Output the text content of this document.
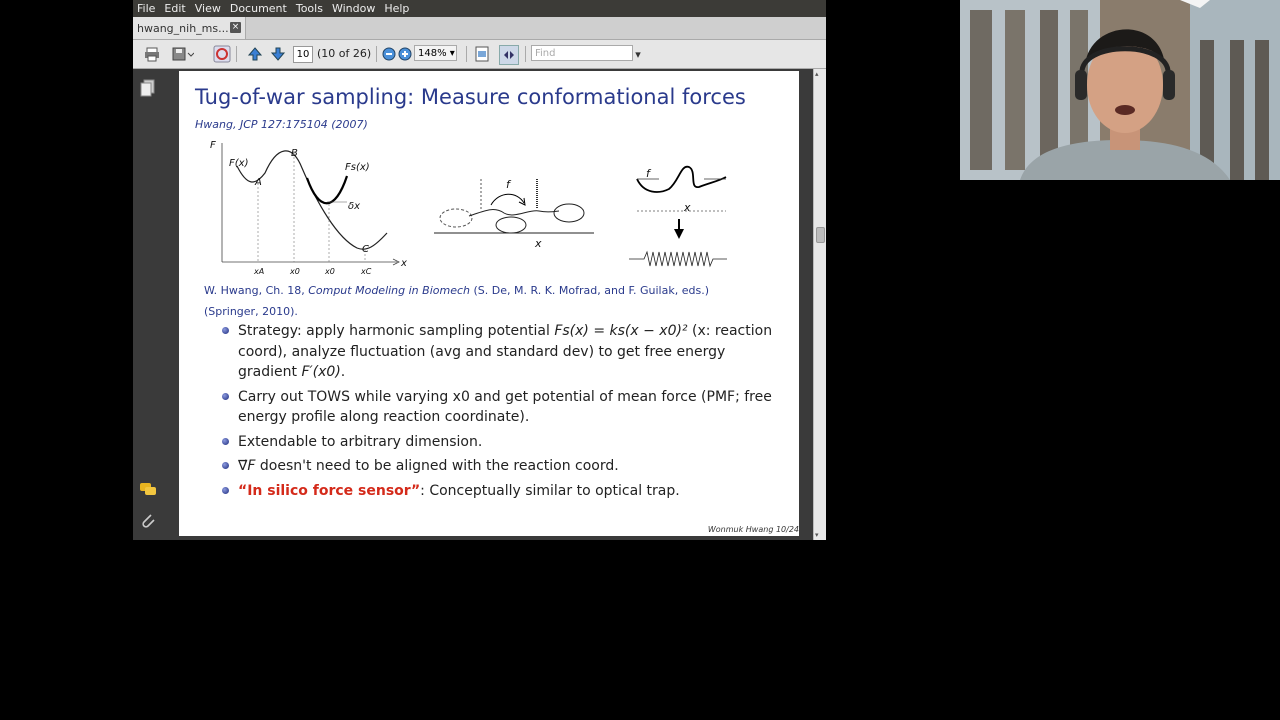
File Edit View Document Tools Window Help
hwang_nih_ms... ×
10 (10 of 26)	148% ▾	Find	▾
Tug-of-war sampling: Measure conformational forces
Hwang, JCP 127:175104 (2007)
F
F(x)
A
B
Fs(x)
δx
C
xA	x0	x0	xC
x
f
x
f
x
W. Hwang, Ch. 18, Comput Modeling in Biomech (S. De, M. R. K. Mofrad, and F. Guilak, eds.)
(Springer, 2010).
Strategy: apply harmonic sampling potential Fs(x) = ks(x − x0)² (x: reaction coord), analyze fluctuation (avg and standard dev) to get free energy gradient F′(x0).
Carry out TOWS while varying x0 and get potential of mean force (PMF; free energy profile along reaction coordinate).
Extendable to arbitrary dimension.
∇⃗F doesn't need to be aligned with the reaction coord.
“In silico force sensor”: Conceptually similar to optical trap.
Wonmuk Hwang 10/24
▴
▾
